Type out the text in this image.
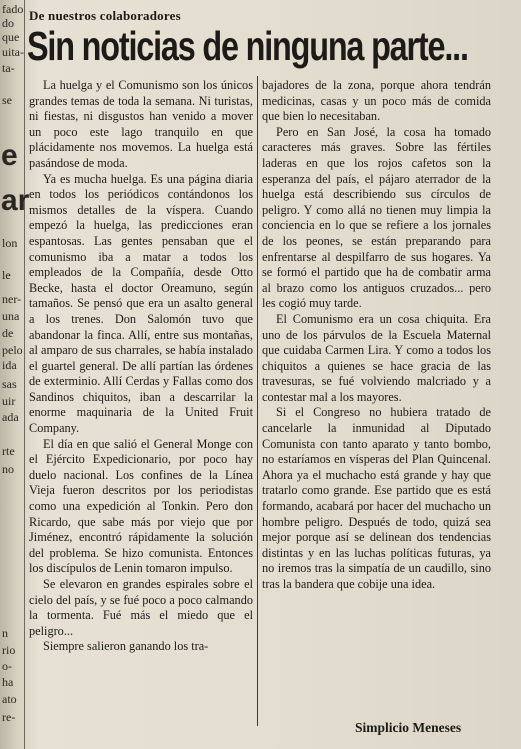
fado
do
que
uita-
ta-
se
e
ar
lon
le
ner-
una
de
pelo
ida
sas
uir
ada
rte
no
n
rio
o-
ha
ato
re-
De nuestros colaboradores
Sin noticias de ninguna parte...

La huelga y el Comunismo son los únicos grandes temas de toda la semana. Ni turistas, ni fiestas, ni disgustos han venido a mover un poco este lago tranquilo en que plácidamente nos movemos. La huelga está pasándose de moda.

Ya es mucha huelga. Es una página diaria en todos los periódicos contándonos los mismos detalles de la víspera. Cuando empezó la huelga, las predicciones eran espantosas. Las gentes pensaban que el comunismo iba a matar a todos los empleados de la Compañía, desde Otto Becke, hasta el doctor Oreamuno, según tamaños. Se pensó que era un asalto general a los trenes. Don Salomón tuvo que abandonar la finca. Allí, entre sus montañas, al amparo de sus charrales, se había instalado el guartel general. De allí partían las órdenes de exterminio. Allí Cerdas y Fallas como dos Sandinos chiquitos, iban a descarrilar la enorme maquinaria de la United Fruit Company.

El día en que salió el General Monge con el Ejército Expedicionario, por poco hay duelo nacional. Los confines de la Línea Vieja fueron descritos por los periodistas como una expedición al Tonkin. Pero don Ricardo, que sabe más por viejo que por Jiménez, encontró rápidamente la solución del problema. Se hizo comunista. Entonces los discípulos de Lenin tomaron impulso.

Se elevaron en grandes espirales sobre el cielo del país, y se fué poco a poco calmando la tormenta. Fué más el miedo que el peligro...

Siempre salieron ganando los tra-

bajadores de la zona, porque ahora tendrán medicinas, casas y un poco más de comida que bien lo necesitaban.

Pero en San José, la cosa ha tomado caracteres más graves. Sobre las fértiles laderas en que los rojos cafetos son la esperanza del país, el pájaro aterrador de la huelga está describiendo sus círculos de peligro. Y como allá no tienen muy limpia la conciencia en lo que se refiere a los jornales de los peones, se están preparando para enfrentarse al despilfarro de sus hogares. Ya se formó el partido que ha de combatir arma al brazo como los antiguos cruzados... pero les cogió muy tarde.

El Comunismo era un cosa chiquita. Era uno de los párvulos de la Escuela Maternal que cuidaba Carmen Lira. Y como a todos los chiquitos a quienes se hace gracia de las travesuras, se fué volviendo malcriado y a contestar mal a los mayores.

Si el Congreso no hubiera tratado de cancelarle la inmunidad al Diputado Comunista con tanto aparato y tanto bombo, no estaríamos en vísperas del Plan Quincenal. Ahora ya el muchacho está grande y hay que tratarlo como grande. Ese partido que es está formando, acabará por hacer del muchacho un hombre peligro. Después de todo, quizá sea mejor porque así se delinean dos tendencias distintas y en las luchas políticas futuras, ya no iremos tras la simpatía de un caudillo, sino tras la bandera que cobije una idea.

Simplicio Meneses
